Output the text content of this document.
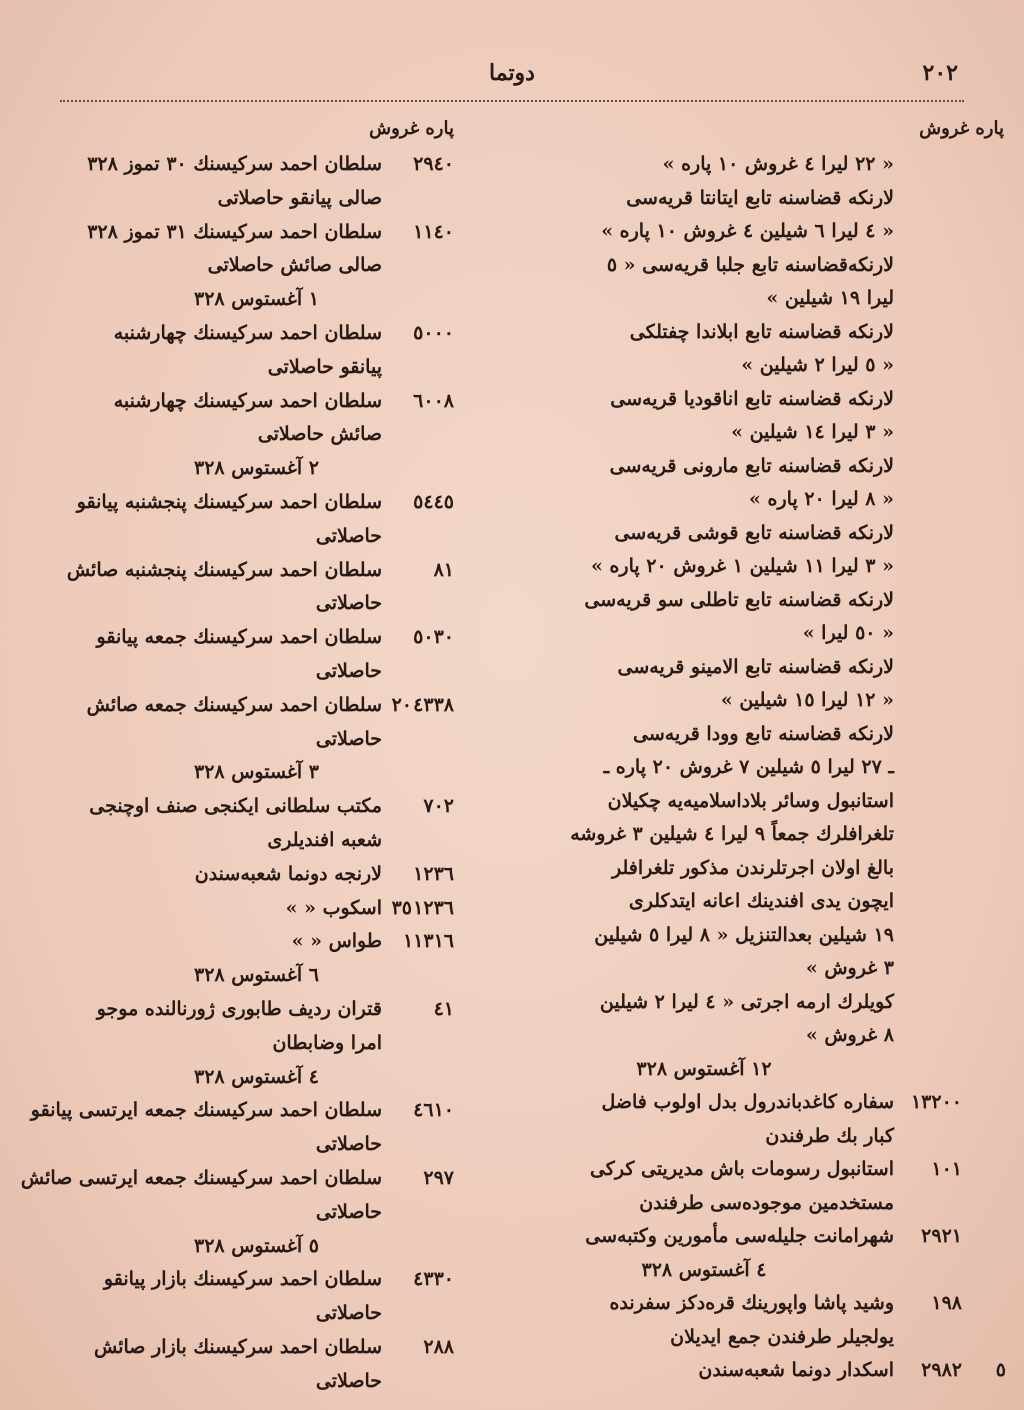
٢٠٢
دوتما
پاره غروش
« ٢٢ ليرا ٤ غروش ١٠ پاره »
لارنكه قضاسنه تابع ايتانتا قريه‌سى
« ٤ ليرا ٦ شيلين ٤ غروش ١٠ پاره »
لارنكه‌قضاسنه تابع جلبا قريه‌سى « ٥
ليرا ١٩ شيلين »
لارنكه قضاسنه تابع ابلاندا چفتلكى
« ٥ ليرا ٢ شيلين »
لارنكه قضاسنه تابع اناقوديا قريه‌سى
« ٣ ليرا ١٤ شيلين »
لارنكه قضاسنه تابع مارونى قريه‌سى
« ٨ ليرا ٢٠ پاره »
لارنكه قضاسنه تابع قوشى قريه‌سى
« ٣ ليرا ١١ شيلين ١ غروش ٢٠ پاره »
لارنكه قضاسنه تابع تاطلى سو قريه‌سى
« ٥٠ ليرا »
لارنكه قضاسنه تابع الامينو قريه‌سى
« ١٢ ليرا ١٥ شيلين »
لارنكه قضاسنه تابع وودا قريه‌سى
ـ ٢٧ ليرا ٥ شيلين ٧ غروش ٢٠ پاره ـ
استانبول وسائر بلاداسلاميه‌يه چكيلان
تلغرافلرك جمعاً ٩ ليرا ٤ شيلين ٣ غروشه
بالغ اولان اجرتلرندن مذكور تلغرافلر
ايچون يدى افندينك اعانه ايتدكلرى
١٩ شيلين بعدالتنزيل « ٨ ليرا ٥ شيلين
٣ غروش »
كويلرك ارمه اجرتى « ٤ ليرا ٢ شيلين
٨ غروش »
١٢ آغستوس ٣٢٨
سفاره كاغدباندرول بدل اولوب فاضل ١٣٢٠٠
كبار بك طرفندن
استانبول رسومات باش مديريتى كركى ١٠١
مستخدمين موجوده‌سى طرفندن
شهرامانت جليله‌سى مأمورين وكتبه‌سى ٢٩٢١
٤ آغستوس ٣٢٨
وشيد پاشا واپورينك قره‌دكز سفرنده ١٩٨
يولجيلر طرفندن جمع ايديلان
اسكدار دونما شعبه‌سندن ٢٩٨٢ ٥
پاره غروش
سلطان احمد سركيسنك ٣٠ تموز ٣٢٨ ٢٩٤٠
صالى پيانقو حاصلاتى
سلطان احمد سركيسنك ٣١ تموز ٣٢٨ ١١٤٠
صالى صائش حاصلاتى
١ آغستوس ٣٢٨
سلطان احمد سركيسنك چهارشنبه ٥٠٠٠
پيانقو حاصلاتى
سلطان احمد سركيسنك چهارشنبه ٦٠٠٨
صائش حاصلاتى
٢ آغستوس ٣٢٨
سلطان احمد سركيسنك پنجشنبه پيانقو ٥٤٤٥
حاصلاتى
سلطان احمد سركيسنك پنجشنبه صائش	٨١
حاصلاتى
سلطان احمد سركيسنك جمعه پيانقو ٥٠٣٠
حاصلاتى
سلطان احمد سركيسنك جمعه صائش ٤٣٣٨
٢٠
حاصلاتى
٣ آغستوس ٣٢٨
مكتب سلطانى ايكنجى صنف اوچنجى ٧٠٢
شعبه افنديلرى
لارنجه دونما شعبه‌سندن ١٢٣٦
اسكوب « » ١٢٣٦
٣٥
طواس « » ١١٣١٦
٦ آغستوس ٣٢٨
قتران رديف طابورى ژورنالنده موجو	٤١
امرا وضابطان
٤ آغستوس ٣٢٨
سلطان احمد سركيسنك جمعه ايرتسى پيانقو ٤٦١٠
حاصلاتى
سلطان احمد سركيسنك جمعه ايرتسى صائش ٢٩٧
حاصلاتى
٥ آغستوس ٣٢٨
سلطان احمد سركيسنك بازار پيانقو ٤٣٣٠
حاصلاتى
سلطان احمد سركيسنك بازار صائش ٢٨٨
حاصلاتى
